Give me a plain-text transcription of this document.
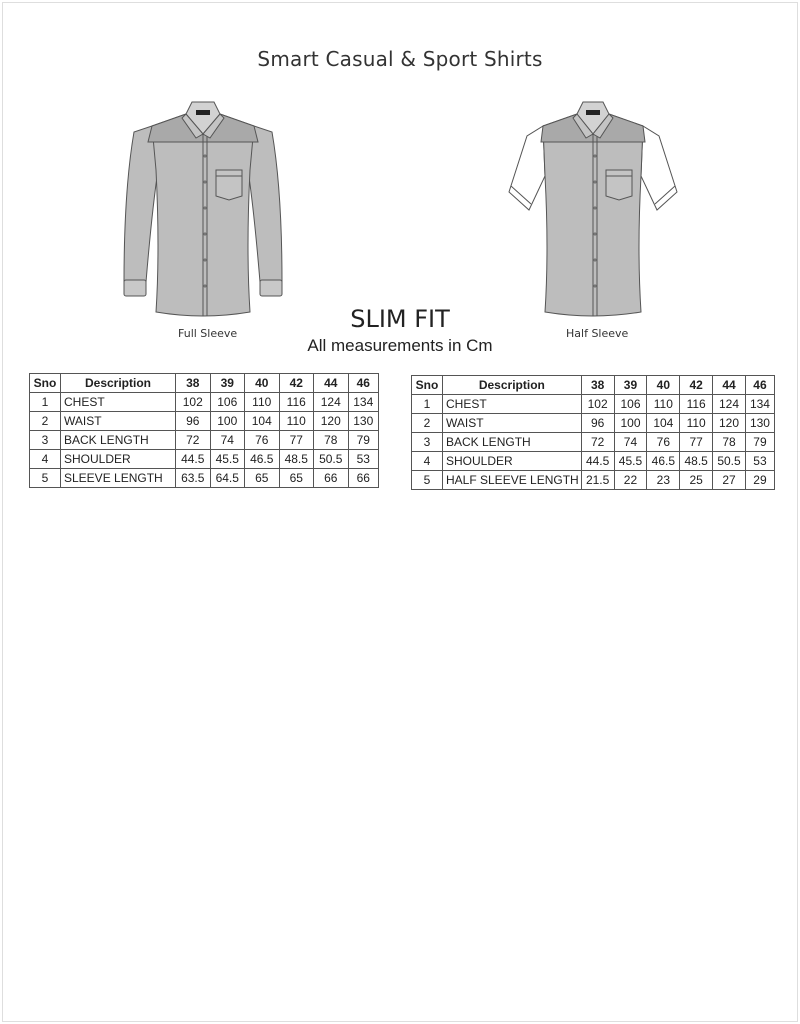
Smart Casual & Sport Shirts
Full Sleeve	Half Sleeve
SLIM FIT
All measurements in Cm
Sno	Description	38	39	40	42	44	46
1	CHEST	102	106	110	116	124	134
2	WAIST	96	100	104	110	120	130
3	BACK LENGTH	72	74	76	77	78	79
4	SHOULDER	44.5	45.5	46.5	48.5	50.5	53
5	SLEEVE LENGTH	63.5	64.5	65	65	66	66
Sno	Description	38	39	40	42	44	46
1	CHEST	102	106	110	116	124	134
2	WAIST	96	100	104	110	120	130
3	BACK LENGTH	72	74	76	77	78	79
4	SHOULDER	44.5	45.5	46.5	48.5	50.5	53
5	HALF SLEEVE LENGTH	21.5	22	23	25	27	29
